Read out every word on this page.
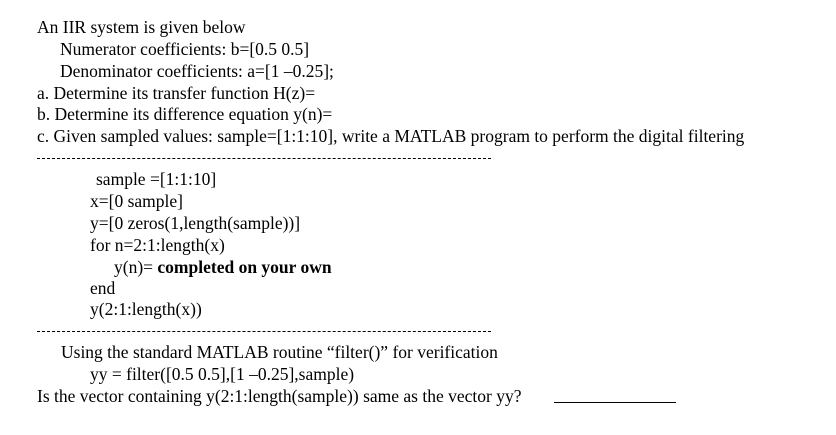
An IIR system is given below
Numerator coefficients: b=[0.5 0.5]
Denominator coefficients: a=[1 –0.25];
a. Determine its transfer function H(z)=
b. Determine its difference equation y(n)=
c. Given sampled values: sample=[1:1:10], write a MATLAB program to perform the digital filtering
sample =[1:1:10]
x=[0 sample]
y=[0 zeros(1,length(sample))]
for n=2:1:length(x)
y(n)= completed on your own
end
y(2:1:length(x))
Using the standard MATLAB routine “filter()” for verification
yy = filter([0.5 0.5],[1 –0.25],sample)
Is the vector containing y(2:1:length(sample)) same as the vector yy?
